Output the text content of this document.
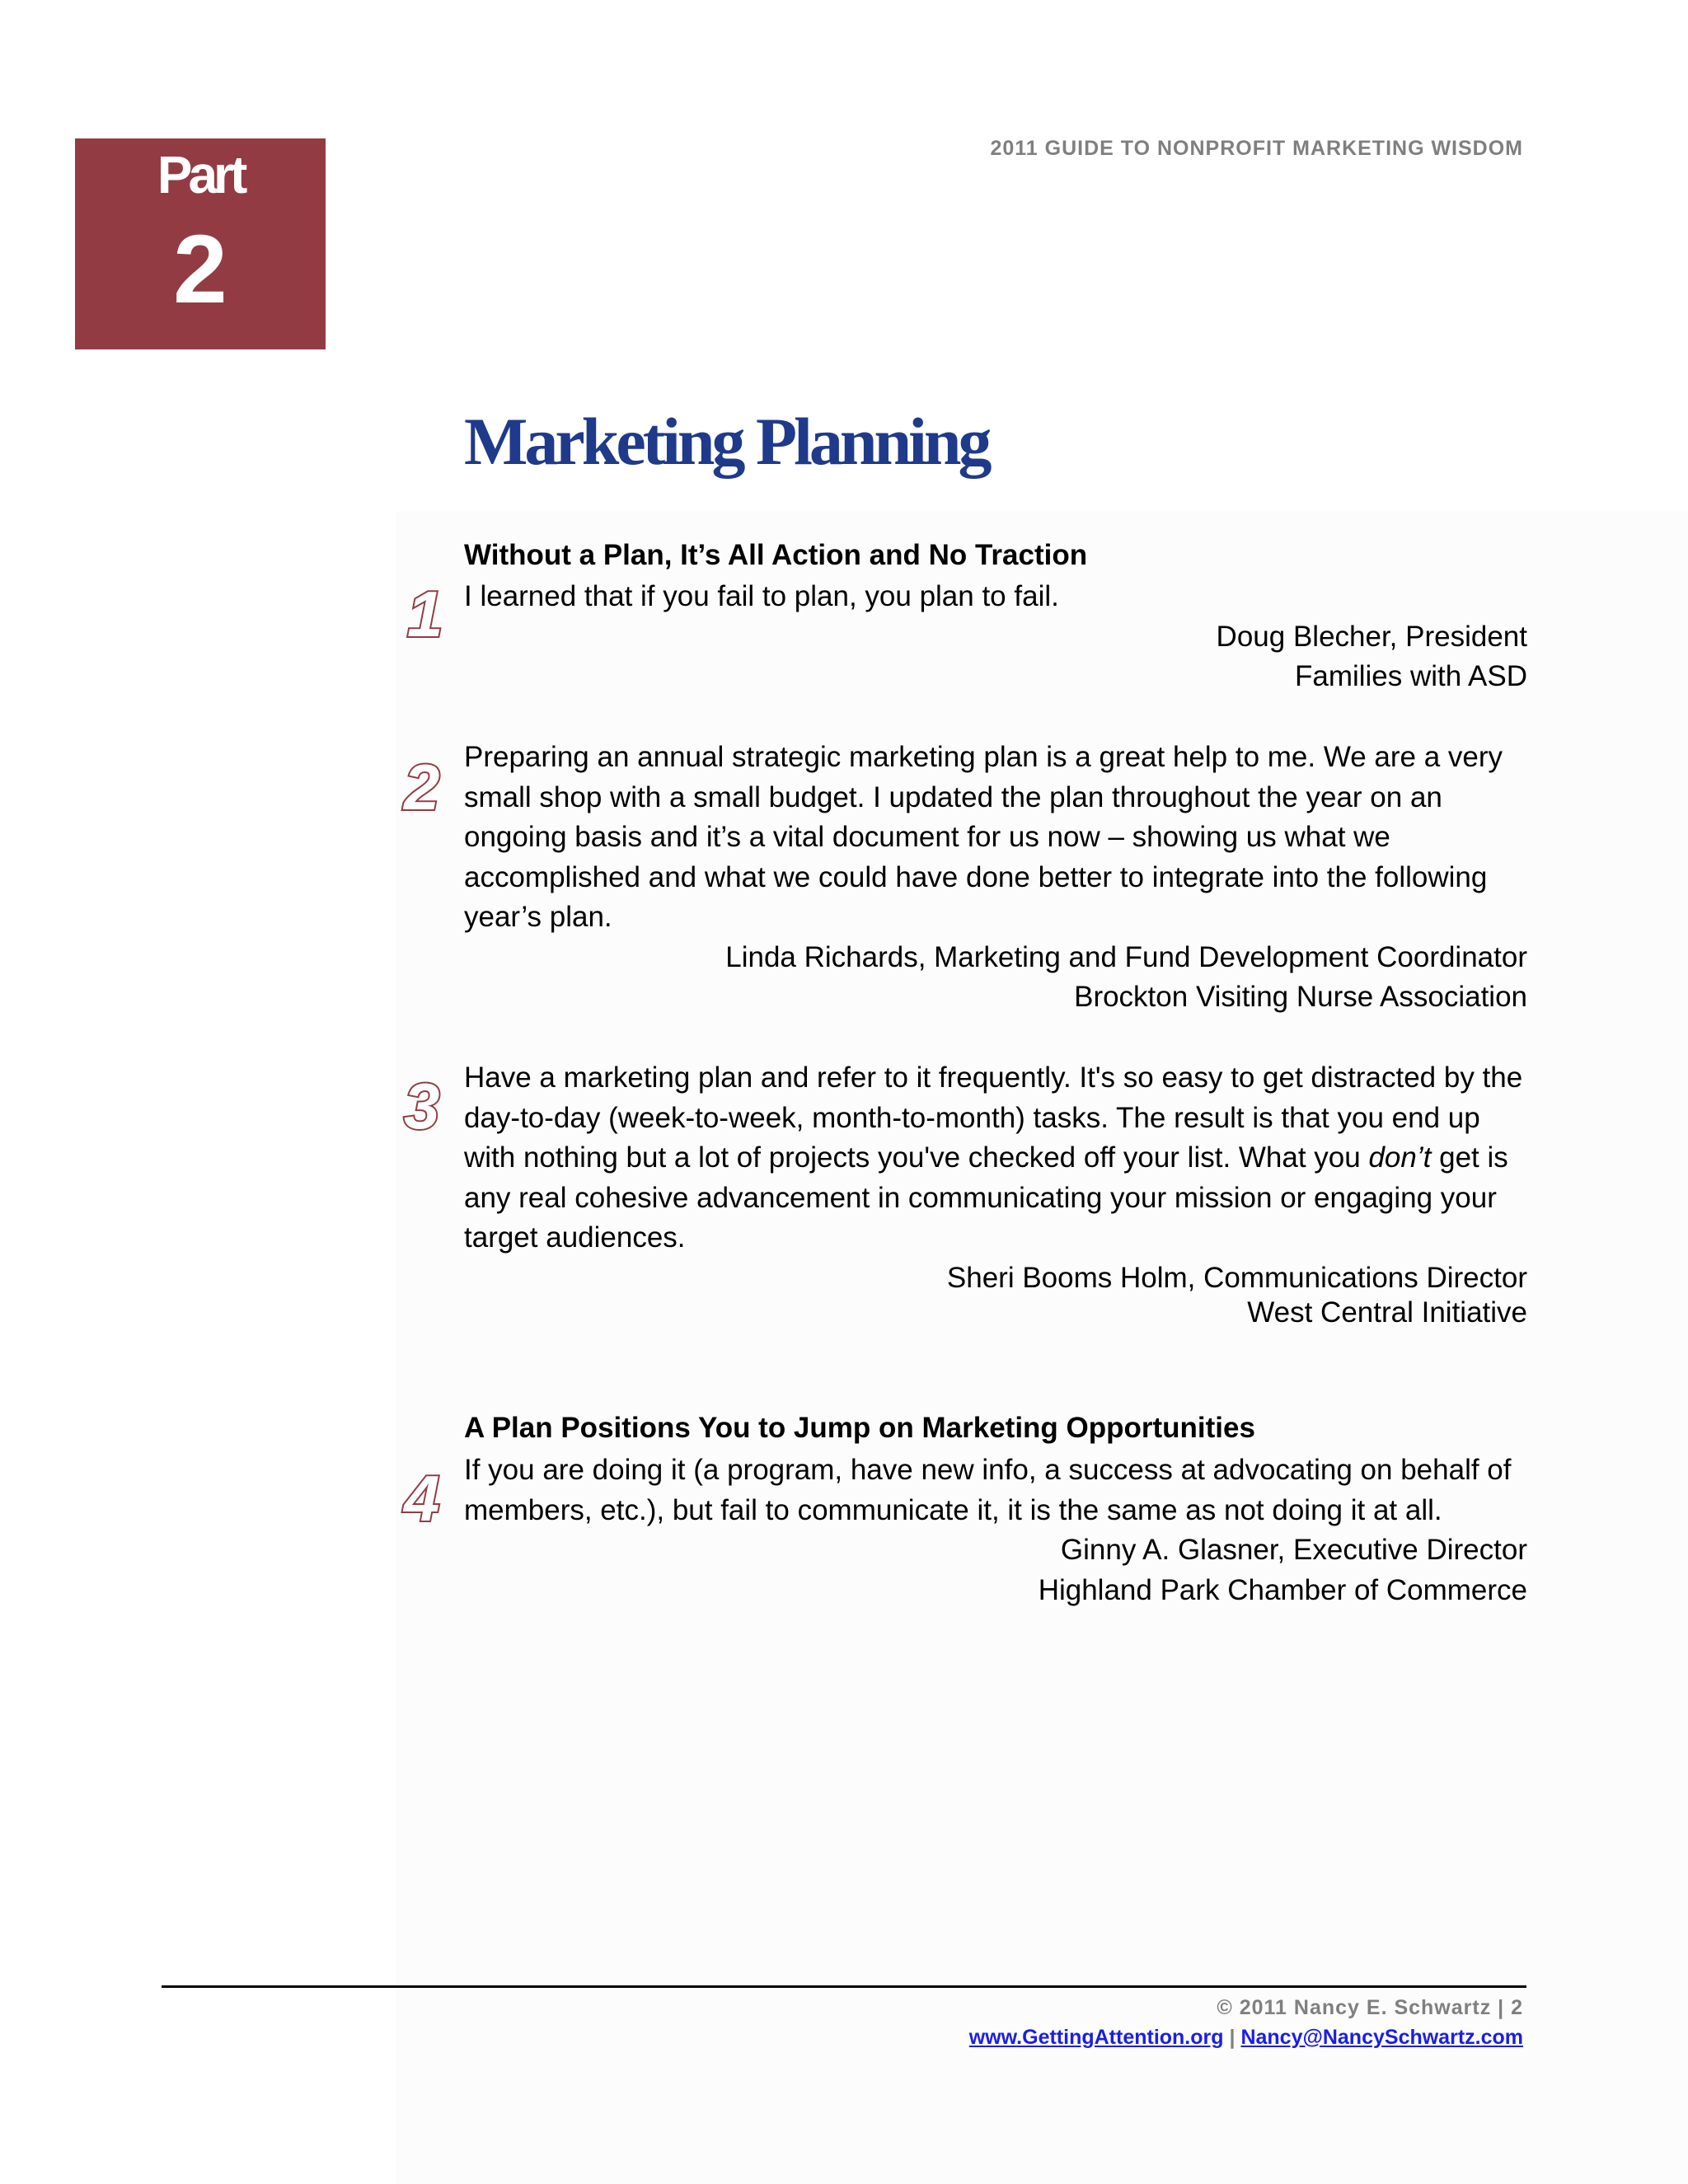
Part
2
2011 GUIDE TO NONPROFIT MARKETING WISDOM
Marketing Planning
Without a Plan, It’s All Action and No Traction
1 I learned that if you fail to plan, you plan to fail.

Doug Blecher, President

Families with ASD

2 Preparing an annual strategic marketing plan is a great help to me. We are a very small shop with a small budget. I updated the plan throughout the year on an ongoing basis and it’s a vital document for us now – showing us what we accomplished and what we could have done better to integrate into the following year’s plan.

Linda Richards, Marketing and Fund Development Coordinator

Brockton Visiting Nurse Association

3 Have a marketing plan and refer to it frequently. It's so easy to get distracted by the day-to-day (week-to-week, month-to-month) tasks. The result is that you end up with nothing but a lot of projects you've checked off your list. What you don’t get is any real cohesive advancement in communicating your mission or engaging your target audiences.

Sheri Booms Holm, Communications Director

West Central Initiative

A Plan Positions You to Jump on Marketing Opportunities
4 If you are doing it (a program, have new info, a success at advocating on behalf of members, etc.), but fail to communicate it, it is the same as not doing it at all.

Ginny A. Glasner, Executive Director

Highland Park Chamber of Commerce

© 2011 Nancy E. Schwartz | 2
www.GettingAttention.org | Nancy@NancySchwartz.com
